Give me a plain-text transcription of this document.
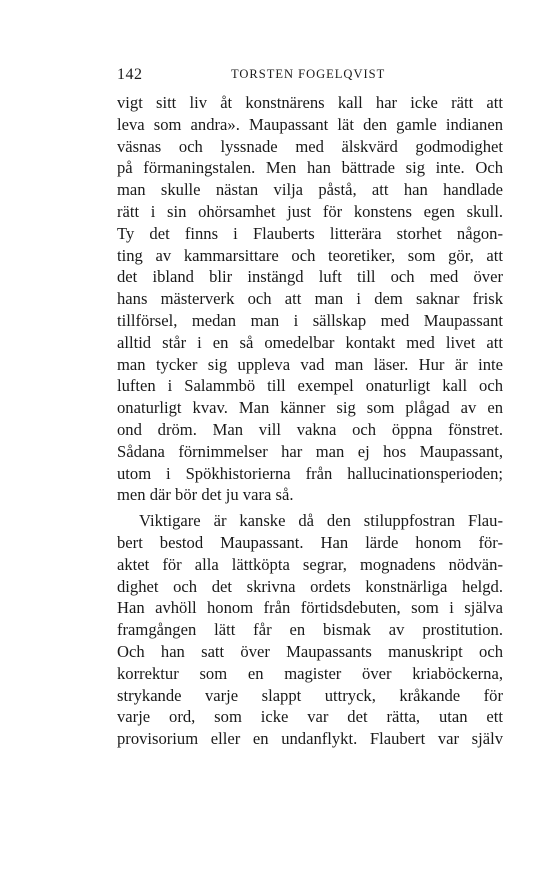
142	TORSTEN FOGELQVIST
vigt sitt liv åt konstnärens kall har icke rätt att
leva som andra». Maupassant lät den gamle indianen
väsnas och lyssnade med älskvärd godmodighet
på förmaningstalen. Men han bättrade sig inte. Och
man skulle nästan vilja påstå, att han handlade
rätt i sin ohörsamhet just för konstens egen skull.
Ty det finns i Flauberts litterära storhet någon-
ting av kammarsittare och teoretiker, som gör, att
det ibland blir instängd luft till och med över
hans mästerverk och att man i dem saknar frisk
tillförsel, medan man i sällskap med Maupassant
alltid står i en så omedelbar kontakt med livet att
man tycker sig uppleva vad man läser. Hur är inte
luften i Salammbö till exempel onaturligt kall och
onaturligt kvav. Man känner sig som plågad av en
ond dröm. Man vill vakna och öppna fönstret.
Sådana förnimmelser har man ej hos Maupassant,
utom i Spökhistorierna från hallucinationsperioden;
men där bör det ju vara så.
Viktigare är kanske då den stiluppfostran Flau-
bert bestod Maupassant. Han lärde honom för-
aktet för alla lättköpta segrar, mognadens nödvän-
dighet och det skrivna ordets konstnärliga helgd.
Han avhöll honom från förtidsdebuten, som i själva
framgången lätt får en bismak av prostitution.
Och han satt över Maupassants manuskript och
korrektur som en magister över kriaböckerna,
strykande varje slappt uttryck, kråkande för
varje ord, som icke var det rätta, utan ett
provisorium eller en undanflykt. Flaubert var själv
